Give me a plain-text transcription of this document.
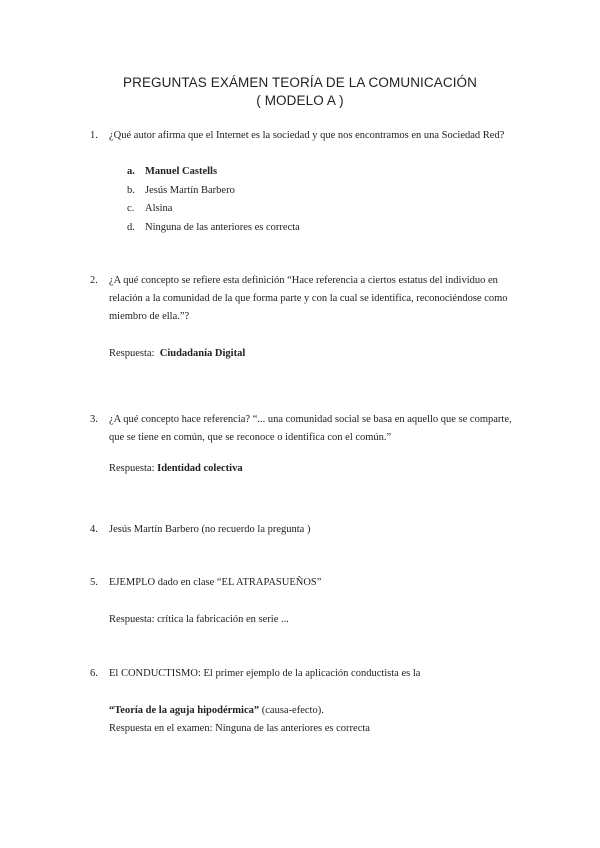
PREGUNTAS EXÁMEN TEORÍA DE LA COMUNICACIÓN
( MODELO A )
1. ¿Qué autor afirma que el Internet es la sociedad y que nos encontramos en una Sociedad Red?
a. Manuel Castells
b. Jesús Martín Barbero
c.	Alsina
d. Ninguna de las anteriores es correcta
2. ¿A qué concepto se refiere esta definición “Hace referencia a ciertos estatus del individuo en relación a la comunidad de la que forma parte y con la cual se identifica, reconociéndose como miembro de ella.”?
Respuesta: Ciudadanía Digital
3. ¿A qué concepto hace referencia? “... una comunidad social se basa en aquello que se comparte, que se tiene en común, que se reconoce o identifica con el común.”
Respuesta: Identidad colectiva
4. Jesús Martín Barbero (no recuerdo la pregunta )
5. EJEMPLO dado en clase “EL ATRAPASUEÑOS”
Respuesta: crítica la fabricación en serie ...
6. El CONDUCTISMO: El primer ejemplo de la aplicación conductista es la
“Teoría de la aguja hipodérmica” (causa-efecto).
Respuesta en el examen: Ninguna de las anteriores es correcta
